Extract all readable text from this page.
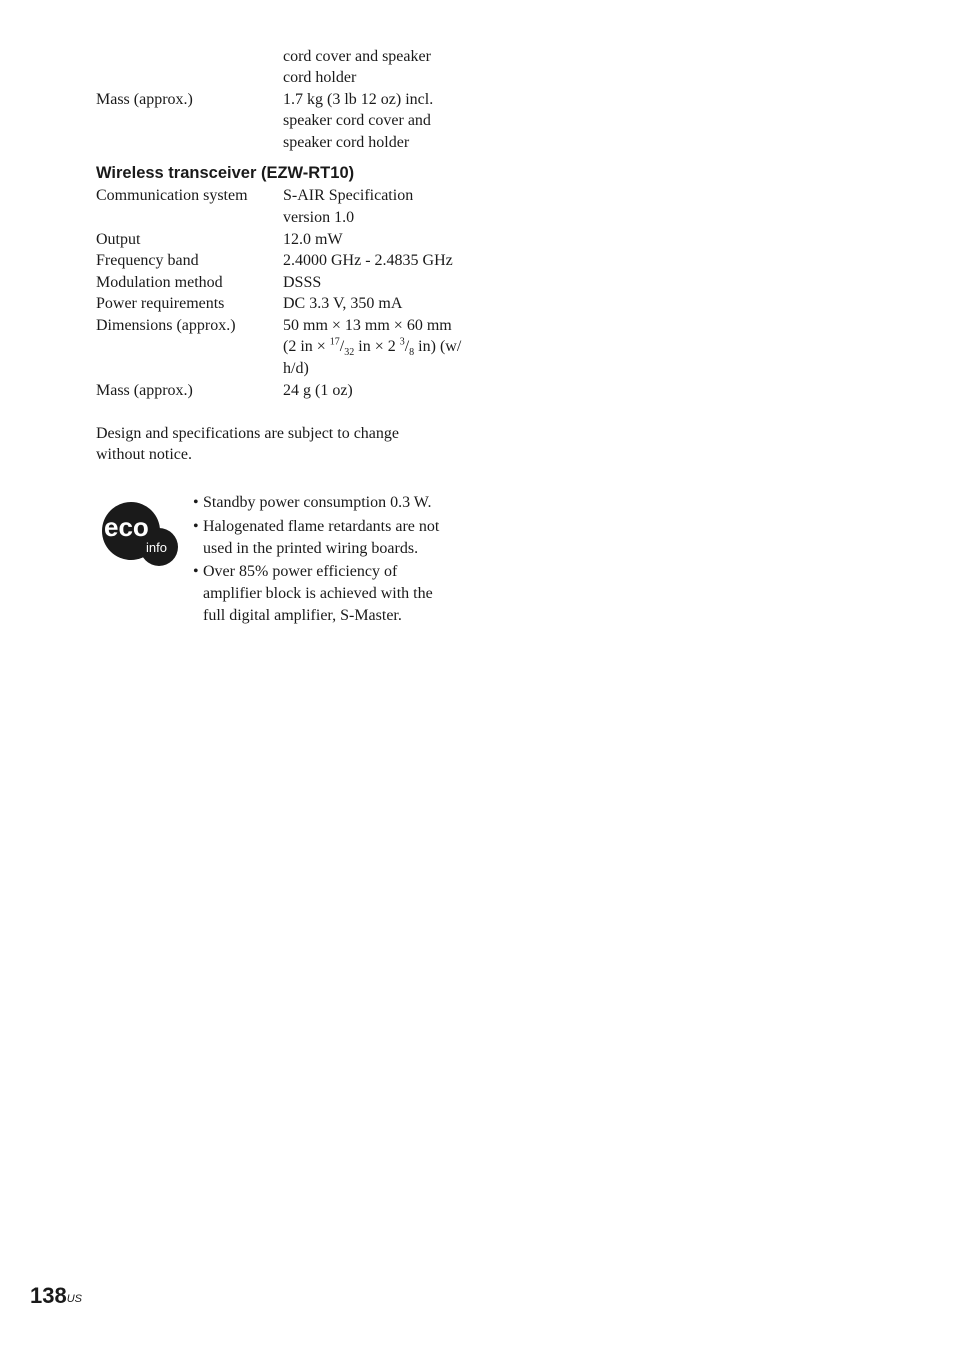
cord cover and speaker
cord holder
Mass (approx.)	1.7 kg (3 lb 12 oz) incl.
speaker cord cover and
speaker cord holder
Wireless transceiver (EZW-RT10)
Communication system S-AIR Specification
version 1.0
Output	12.0 mW
Frequency band	2.4000 GHz - 2.4835 GHz
Modulation method	DSSS
Power requirements	DC 3.3 V, 350 mA
Dimensions (approx.)	50 mm × 13 mm × 60 mm
(2 in × $^{17}/_{32}$ in × 2 $^3/_8$ in) (w/
h/d)
Mass (approx.)	24 g (1 oz)
Design and specifications are subject to change
without notice.
eco
info
• Standby power consumption 0.3 W.
• Halogenated flame retardants are not
used in the printed wiring boards.
• Over 85% power efficiency of
amplifier block is achieved with the
full digital amplifier, S-Master.
$138^{US}$
